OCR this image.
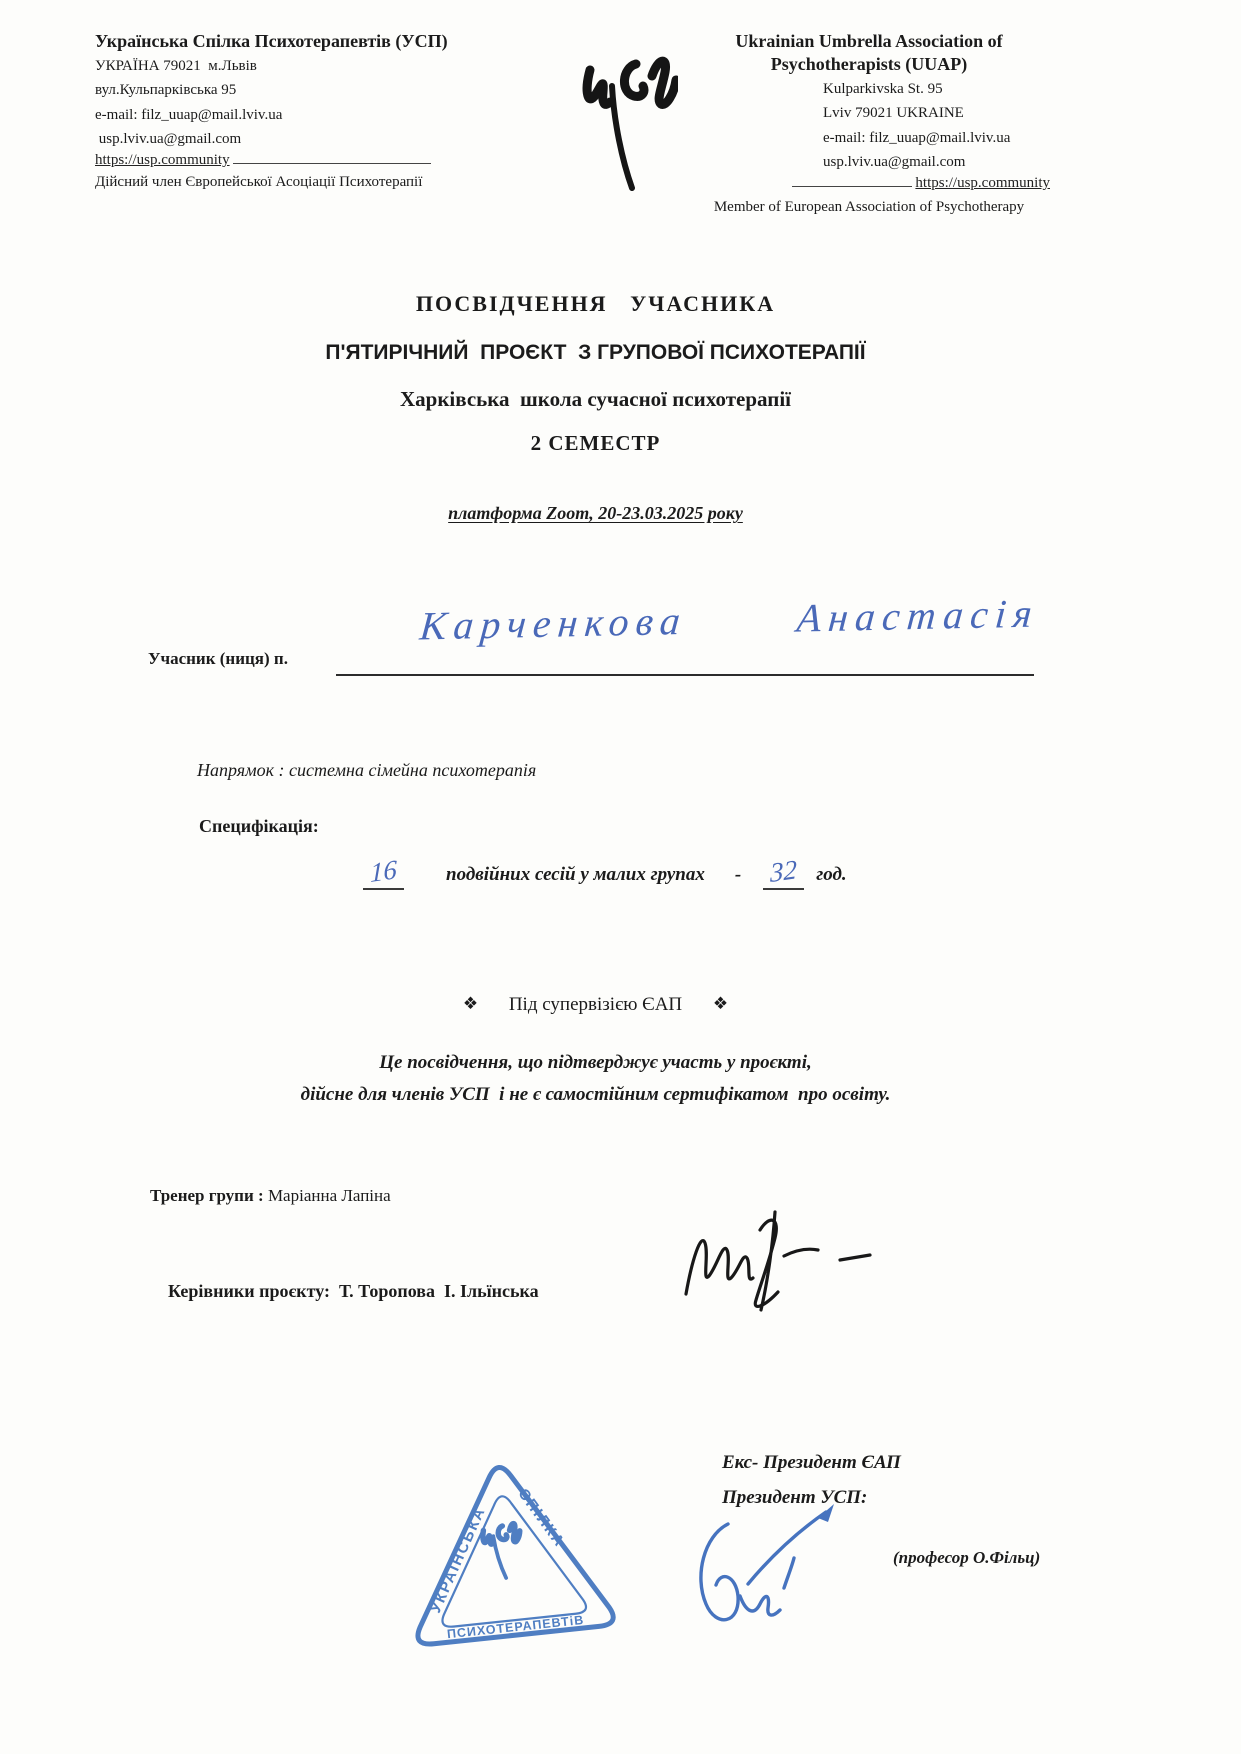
Українська Спілка Психотерапевтів (УСП)
УКРАЇНА 79021  м.Львів
вул.Кульпарківська 95
e-mail: filz_uuap@mail.lviv.ua
usp.lviv.ua@gmail.com
https://usp.community
Дійсний член Європейської Асоціації Психотерапії
Ukrainian Umbrella Association of Psychotherapists (UUAP)
Kulparkivska St. 95
Lviv 79021 UKRAINE
e-mail: filz_uuap@mail.lviv.ua
usp.lviv.ua@gmail.com
https://usp.community
Member of European Association of Psychotherapy
ПОСВІДЧЕННЯ   УЧАСНИКА
П'ЯТИРІЧНИЙ  ПРОЄКТ  З ГРУПОВОЇ ПСИХОТЕРАПІЇ
Харківська  школа сучасної психотерапії
2 СЕМЕСТР
платформа Zoom, 20-23.03.2025 року
Учасник (ниця) п.
Карченкова  Анастасія
Напрямок : системна сімейна психотерапія
Специфікація:
16	подвійних сесій у малих групах - 32	год.
❖ Під супервізією ЄАП ❖
Це посвідчення, що підтверджує участь у проєкті,
дійсне для членів УСП  і не є самостійним сертифікатом  про освіту.
Тренер групи : Маріанна Лапіна

Керівники проєкту:  Т. Торопова  І. Ільїнська

Екс- Президент ЄАП
Президент УСП:
УКРАЇНСЬКА СПІЛКА
ПСИХОТЕРАПЕВТіВ
(професор О.Фільц)
